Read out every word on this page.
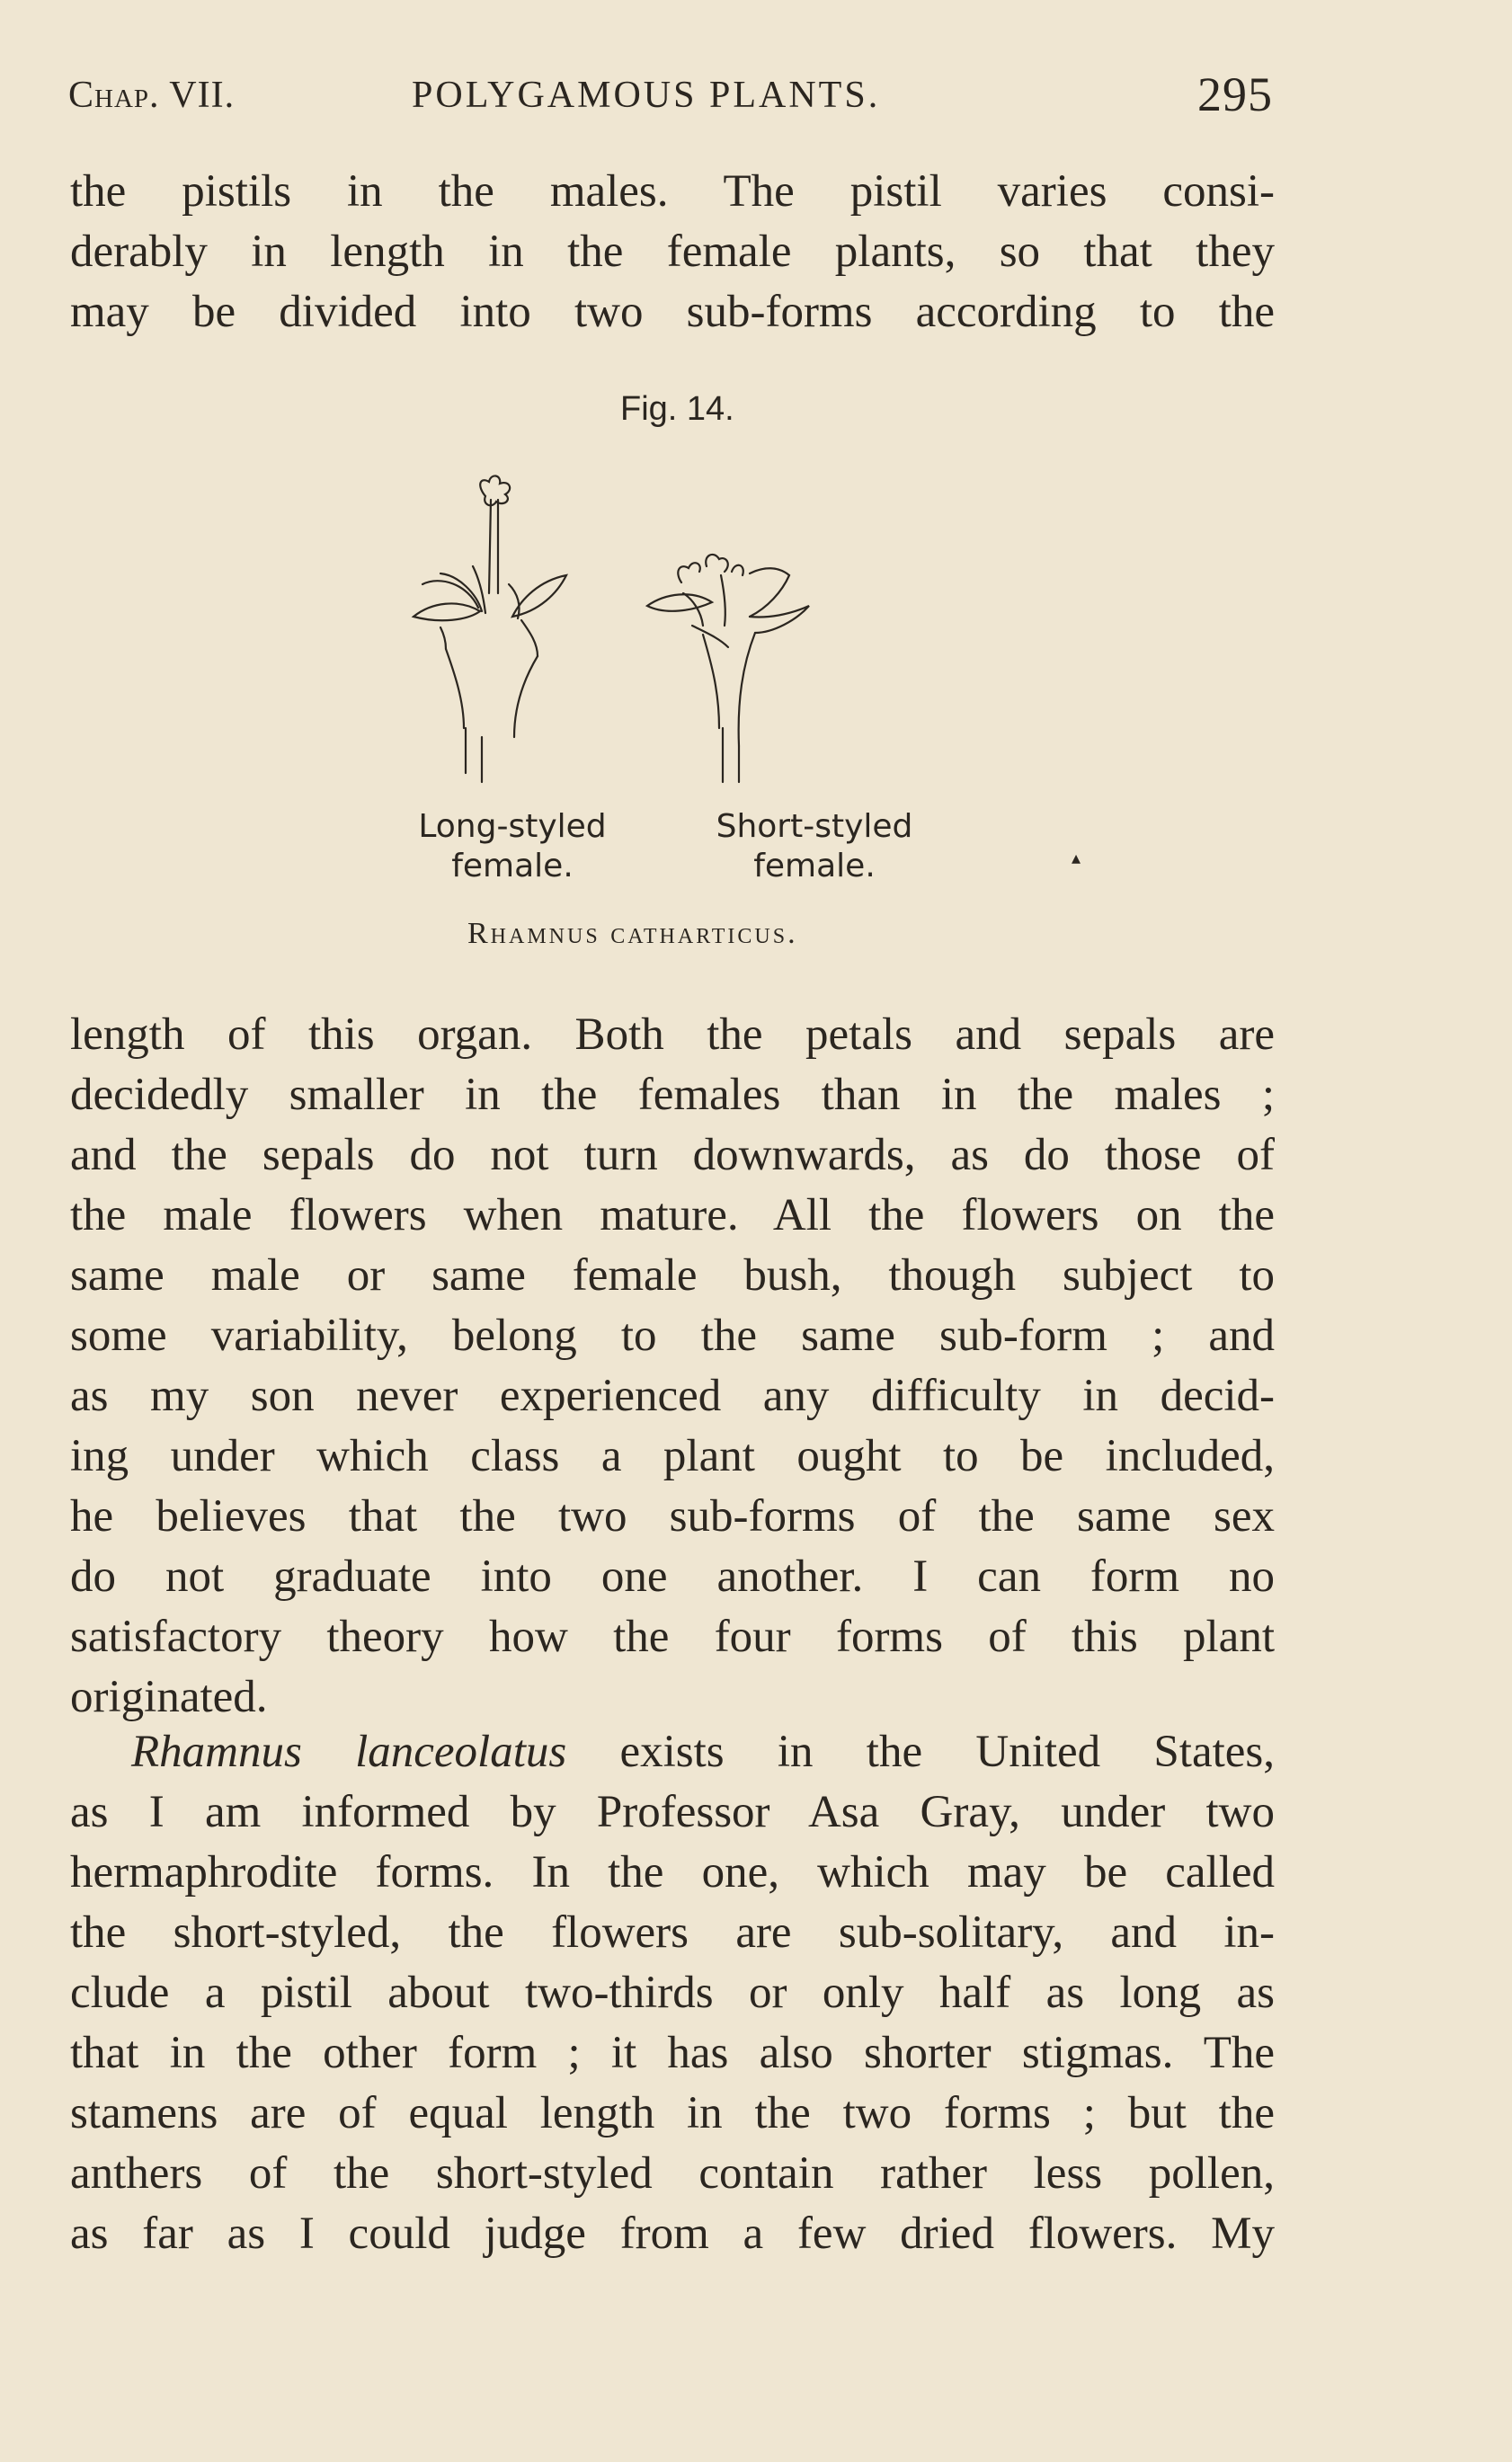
Chap. VII.	POLYGAMOUS PLANTS.	295
the pistils in the males. The pistil varies consi-
derably in length in the female plants, so that they
may be divided into two sub-forms according to the
Fig. 14.
Long-styled
female.
Short-styled
female.	▴
Rhamnus catharticus.
length of this organ. Both the petals and sepals are
decidedly smaller in the females than in the males ;
and the sepals do not turn downwards, as do those of
the male flowers when mature. All the flowers on the
same male or same female bush, though subject to
some variability, belong to the same sub-form ; and
as my son never experienced any difficulty in decid-
ing under which class a plant ought to be included,
he believes that the two sub-forms of the same sex
do not graduate into one another. I can form no
satisfactory theory how the four forms of this plant
originated.
Rhamnus lanceolatus exists in the United States,
as I am informed by Professor Asa Gray, under two
hermaphrodite forms. In the one, which may be called
the short-styled, the flowers are sub-solitary, and in-
clude a pistil about two-thirds or only half as long as
that in the other form ; it has also shorter stigmas. The
stamens are of equal length in the two forms ; but the
anthers of the short-styled contain rather less pollen,
as far as I could judge from a few dried flowers. My
